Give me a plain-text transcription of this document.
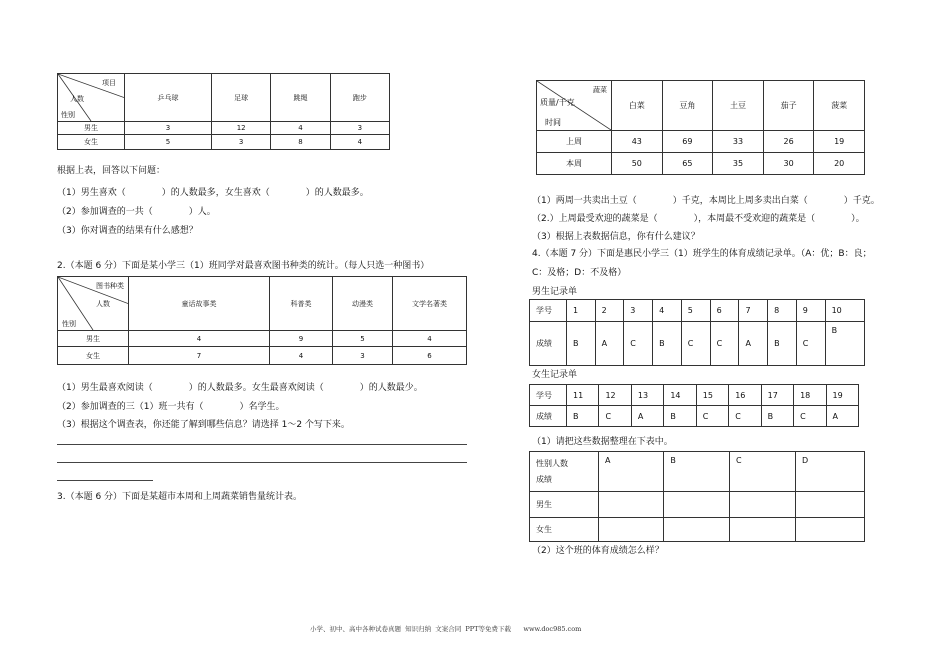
项目
人数
性别	乒乓球	足球	跳绳	跑步
男生	3	12	4	3
女生	5	3	8	4
根据上表，回答以下问题：
（1）男生喜欢（　　　　）的人数最多，女生喜欢（　　　　）的人数最多。
（2）参加调查的一共（　　　　）人。
（3）你对调查的结果有什么感想？
2.（本题 6 分）下面是某小学三（1）班同学对最喜欢图书种类的统计。（每人只选一种图书）
图书种类
人数
性别	童话故事类	科普类	动漫类	文学名著类
男生	4	9	5	4
女生	7	4	3	6
（1）男生最喜欢阅读（　　　　）的人数最多。女生最喜欢阅读（　　　　）的人数最少。
（2）参加调查的三（1）班一共有（　　　　）名学生。
（3）根据这个调查表，你还能了解到哪些信息？请选择 1～2 个写下来。
3.（本题 6 分）下面是某超市本周和上周蔬菜销售量统计表。
蔬菜
质量/千克
时间	白菜	豆角	土豆	茄子	菠菜
上周	43	69	33	26	19
本周	50	65	35	30	20
（1）两周一共卖出土豆（　　　　）千克，本周比上周多卖出白菜（　　　　）千克。
（2.）上周最受欢迎的蔬菜是（　　　　），本周最不受欢迎的蔬菜是（　　　　）。
（3）根据上表数据信息，你有什么建议？
4.（本题 7 分）下面是惠民小学三（1）班学生的体育成绩记录单。（A：优；B：良；
C：及格；D：不及格）
男生记录单
学号	1	2	3	4	5	6	7	8	9	10
成绩	B	A	C	B	C	C	A	B	C	B
女生记录单
学号	11	12	13	14	15	16	17	18	19
成绩	B	C	A	B	C	C	B	C	A
（1）请把这些数据整理在下表中。
性别人数
成绩	A	B	C	D
男生				
女生				
（2）这个班的体育成绩怎么样？
小学、初中、高中各种试卷真题  知识归纳  文案合同  PPT等免费下载      www.doc985.com
